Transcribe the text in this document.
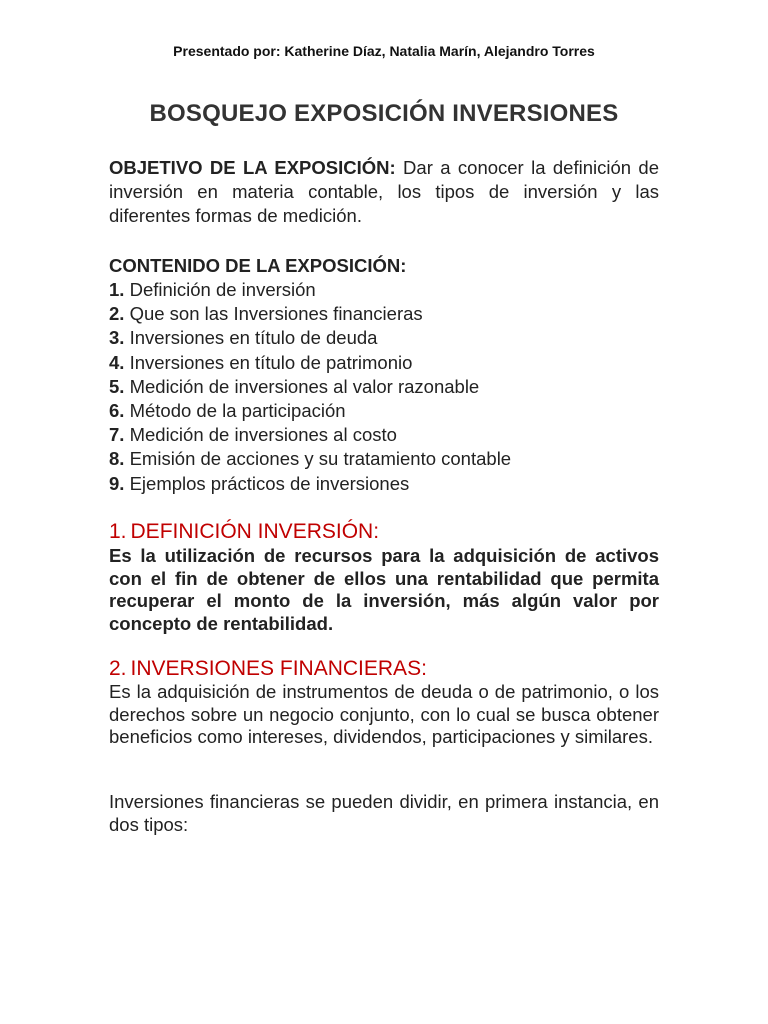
Presentado por: Katherine Díaz, Natalia Marín, Alejandro Torres
BOSQUEJO EXPOSICIÓN INVERSIONES
OBJETIVO DE LA EXPOSICIÓN: Dar a conocer la definición de inversión en materia contable, los tipos de inversión y las diferentes formas de medición.
CONTENIDO DE LA EXPOSICIÓN:
1. Definición de inversión
2. Que son las Inversiones financieras
3. Inversiones en título de deuda
4. Inversiones en título de patrimonio
5. Medición de inversiones al valor razonable
6. Método de la participación
7. Medición de inversiones al costo
8. Emisión de acciones y su tratamiento contable
9. Ejemplos prácticos de inversiones
1. DEFINICIÓN INVERSIÓN:
Es la utilización de recursos para la adquisición de activos con el fin de obtener de ellos una rentabilidad que permita recuperar el monto de la inversión, más algún valor por concepto de rentabilidad.
2. INVERSIONES FINANCIERAS:
Es la adquisición de instrumentos de deuda o de patrimonio, o los derechos sobre un negocio conjunto, con lo cual se busca obtener beneficios como intereses, dividendos, participaciones y similares.
Inversiones financieras se pueden dividir, en primera instancia, en dos tipos:
